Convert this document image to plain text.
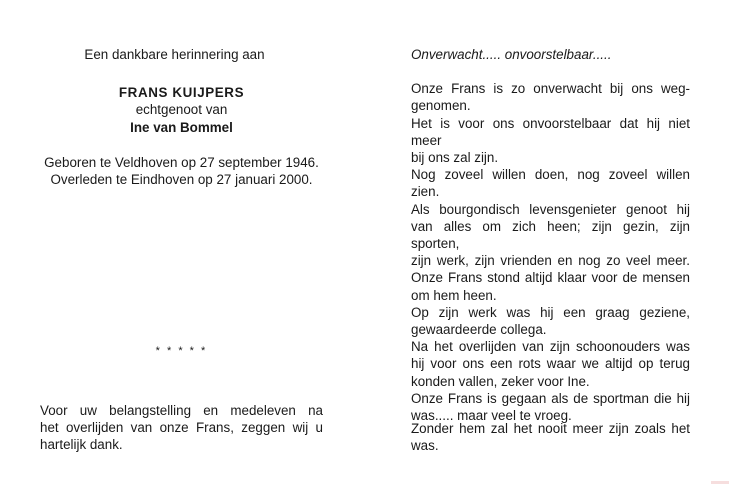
Een dankbare herinnering aan
FRANS KUIJPERS
echtgenoot van
Ine van Bommel
Geboren te Veldhoven op 27 september 1946.
Overleden te Eindhoven op 27 januari 2000.
* * * * *
Voor uw belangstelling en medeleven na
het overlijden van onze Frans, zeggen wij u
hartelijk dank.
Onverwacht..... onvoorstelbaar.....
Onze Frans is zo onverwacht bij ons weg-
genomen.
Het is voor ons onvoorstelbaar dat hij niet meer
bij ons zal zijn.
Nog zoveel willen doen, nog zoveel willen zien.
Als bourgondisch levensgenieter genoot hij
van alles om zich heen; zijn gezin, zijn sporten,
zijn werk, zijn vrienden en nog zo veel meer.
Onze Frans stond altijd klaar voor de mensen
om hem heen.
Op zijn werk was hij een graag geziene,
gewaardeerde collega.
Na het overlijden van zijn schoonouders was
hij voor ons een rots waar we altijd op terug
konden vallen, zeker voor Ine.
Onze Frans is gegaan als de sportman die hij
was..... maar veel te vroeg.
Zonder hem zal het nooit meer zijn zoals het
was.
